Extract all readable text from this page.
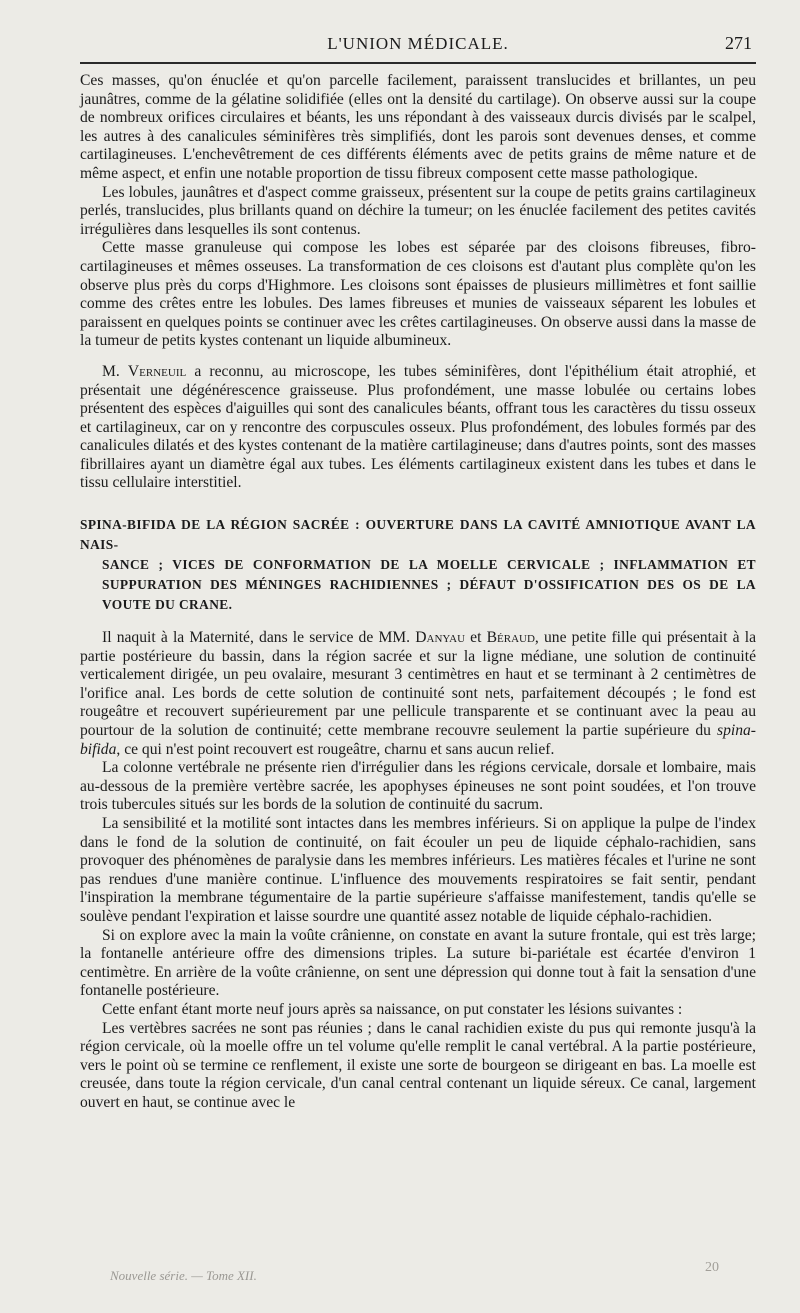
L'UNION MÉDICALE.	271

Ces masses, qu'on énuclée et qu'on parcelle facilement, paraissent translucides et brillantes, un peu jaunâtres, comme de la gélatine solidifiée (elles ont la densité du cartilage). On observe aussi sur la coupe de nombreux orifices circulaires et béants, les uns répondant à des vaisseaux durcis divisés par le scalpel, les autres à des canalicules séminifères très simplifiés, dont les parois sont devenues denses, et comme cartilagineuses. L'enchevêtrement de ces différents éléments avec de petits grains de même nature et de même aspect, et enfin une notable proportion de tissu fibreux composent cette masse pathologique.

Les lobules, jaunâtres et d'aspect comme graisseux, présentent sur la coupe de petits grains cartilagineux perlés, translucides, plus brillants quand on déchire la tumeur; on les énuclée facilement des petites cavités irrégulières dans lesquelles ils sont contenus.

Cette masse granuleuse qui compose les lobes est séparée par des cloisons fibreuses, fibro-cartilagineuses et mêmes osseuses. La transformation de ces cloisons est d'autant plus complète qu'on les observe plus près du corps d'Highmore. Les cloisons sont épaisses de plusieurs millimètres et font saillie comme des crêtes entre les lobules. Des lames fibreuses et munies de vaisseaux séparent les lobules et paraissent en quelques points se continuer avec les crêtes cartilagineuses. On observe aussi dans la masse de la tumeur de petits kystes contenant un liquide albumineux.

M. Verneuil a reconnu, au microscope, les tubes séminifères, dont l'épithélium était atrophié, et présentait une dégénérescence graisseuse. Plus profondément, une masse lobulée ou certains lobes présentent des espèces d'aiguilles qui sont des canalicules béants, offrant tous les caractères du tissu osseux et cartilagineux, car on y rencontre des corpuscules osseux. Plus profondément, des lobules formés par des canalicules dilatés et des kystes contenant de la matière cartilagineuse; dans d'autres points, sont des masses fibrillaires ayant un diamètre égal aux tubes. Les éléments cartilagineux existent dans les tubes et dans le tissu cellulaire interstitiel.

SPINA-BIFIDA DE LA RÉGION SACRÉE : OUVERTURE DANS LA CAVITÉ AMNIOTIQUE AVANT LA NAIS-
SANCE ; VICES DE CONFORMATION DE LA MOELLE CERVICALE ; INFLAMMATION ET SUPPURATION DES MÉNINGES RACHIDIENNES ; DÉFAUT D'OSSIFICATION DES OS DE LA VOUTE DU CRANE.

Il naquit à la Maternité, dans le service de MM. Danyau et Béraud, une petite fille qui présentait à la partie postérieure du bassin, dans la région sacrée et sur la ligne médiane, une solution de continuité verticalement dirigée, un peu ovalaire, mesurant 3 centimètres en haut et se terminant à 2 centimètres de l'orifice anal. Les bords de cette solution de continuité sont nets, parfaitement découpés ; le fond est rougeâtre et recouvert supérieurement par une pellicule transparente et se continuant avec la peau au pourtour de la solution de continuité; cette membrane recouvre seulement la partie supérieure du spina-bifida, ce qui n'est point recouvert est rougeâtre, charnu et sans aucun relief.

La colonne vertébrale ne présente rien d'irrégulier dans les régions cervicale, dorsale et lombaire, mais au-dessous de la première vertèbre sacrée, les apophyses épineuses ne sont point soudées, et l'on trouve trois tubercules situés sur les bords de la solution de continuité du sacrum.

La sensibilité et la motilité sont intactes dans les membres inférieurs. Si on applique la pulpe de l'index dans le fond de la solution de continuité, on fait écouler un peu de liquide céphalo-rachidien, sans provoquer des phénomènes de paralysie dans les membres inférieurs. Les matières fécales et l'urine ne sont pas rendues d'une manière continue. L'influence des mouvements respiratoires se fait sentir, pendant l'inspiration la membrane tégumentaire de la partie supérieure s'affaisse manifestement, tandis qu'elle se soulève pendant l'expiration et laisse sourdre une quantité assez notable de liquide céphalo-rachidien.

Si on explore avec la main la voûte crânienne, on constate en avant la suture frontale, qui est très large; la fontanelle antérieure offre des dimensions triples. La suture bi-pariétale est écartée d'environ 1 centimètre. En arrière de la voûte crânienne, on sent une dépression qui donne tout à fait la sensation d'une fontanelle postérieure.

Cette enfant étant morte neuf jours après sa naissance, on put constater les lésions suivantes :

Les vertèbres sacrées ne sont pas réunies ; dans le canal rachidien existe du pus qui remonte jusqu'à la région cervicale, où la moelle offre un tel volume qu'elle remplit le canal vertébral. A la partie postérieure, vers le point où se termine ce renflement, il existe une sorte de bourgeon se dirigeant en bas. La moelle est creusée, dans toute la région cervicale, d'un canal central contenant un liquide séreux. Ce canal, largement ouvert en haut, se continue avec le

Nouvelle série. — Tome XII.
20
